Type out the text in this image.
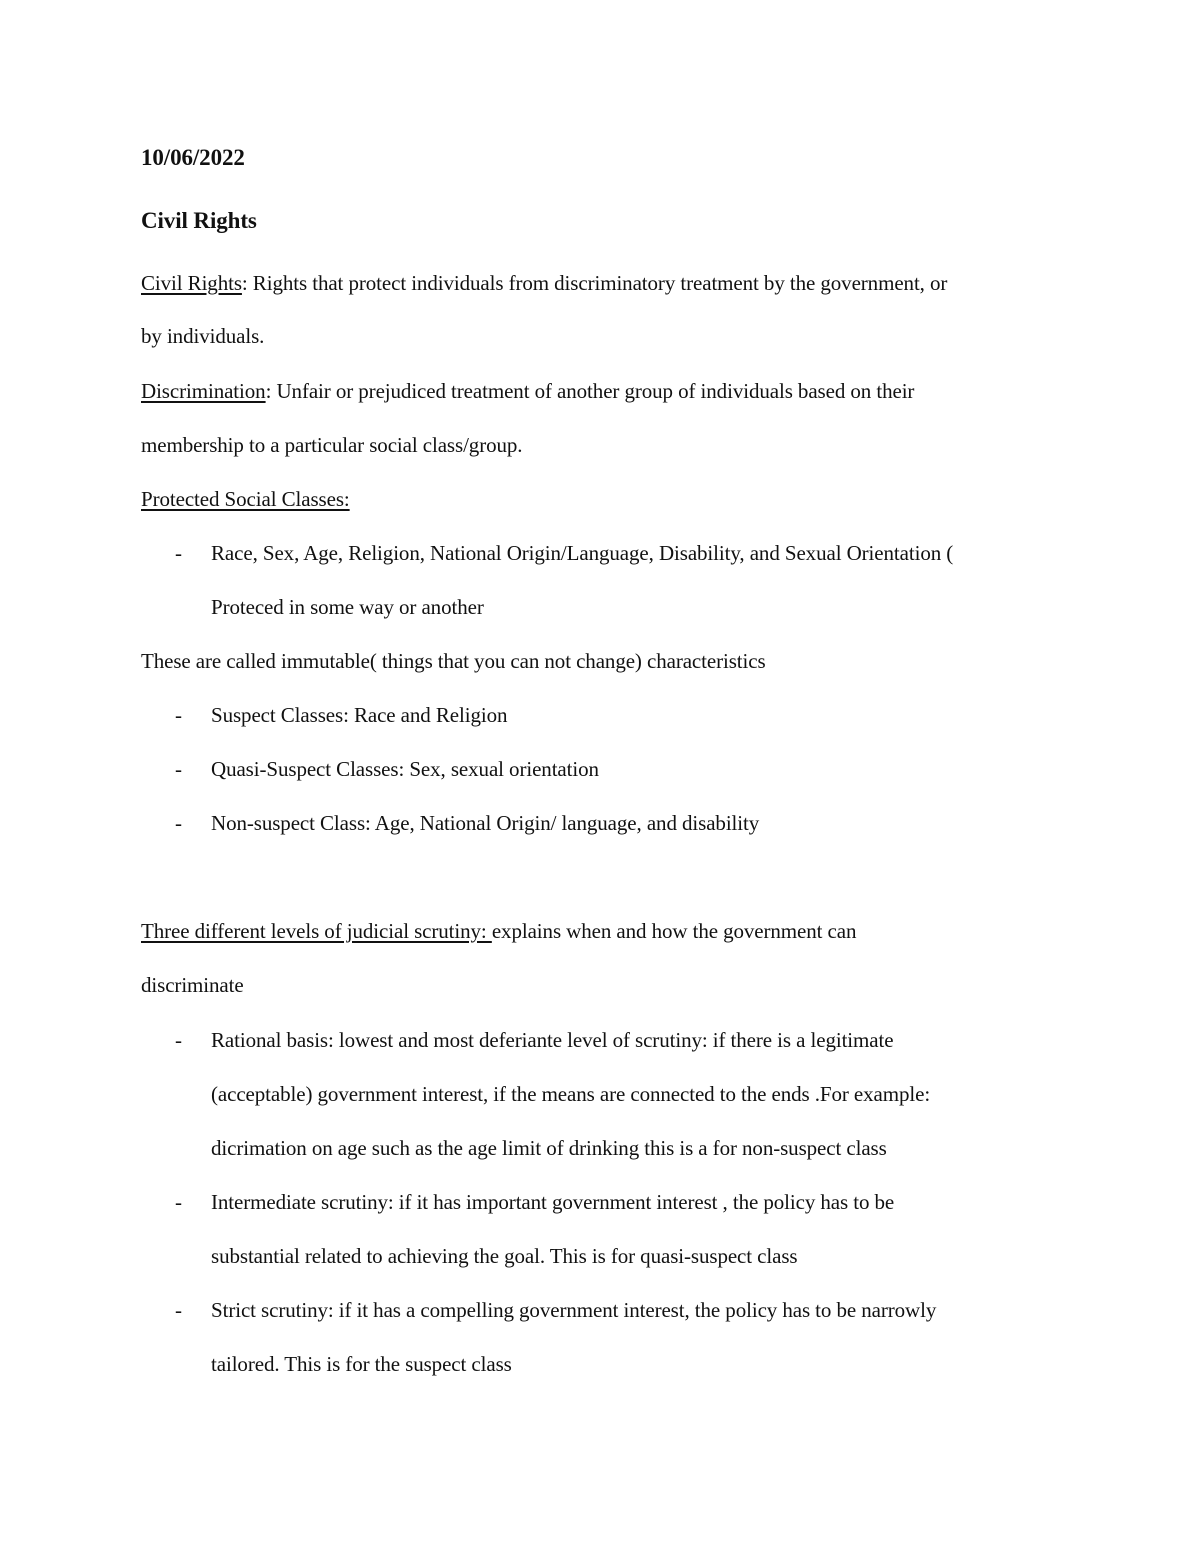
10/06/2022
Civil Rights
Civil Rights: Rights that protect individuals from discriminatory treatment by the government, or
by individuals.
Discrimination: Unfair or prejudiced treatment of another group of individuals based on their
membership to a particular social class/group.
Protected Social Classes:
- Race, Sex, Age, Religion, National Origin/Language, Disability, and Sexual Orientation (
Proteced in some way or another
These are called immutable( things that you can not change) characteristics
- Suspect Classes: Race and Religion
- Quasi-Suspect Classes: Sex, sexual orientation
- Non-suspect Class: Age, National Origin/ language, and disability
Three different levels of judicial scrutiny: explains when and how the government can
discriminate
- Rational basis: lowest and most deferiante level of scrutiny: if there is a legitimate
(acceptable) government interest, if the means are connected to the ends .For example:
dicrimation on age such as the age limit of drinking this is a for non-suspect class
- Intermediate scrutiny: if it has important government interest , the policy has to be
substantial related to achieving the goal. This is for quasi-suspect class
- Strict scrutiny: if it has a compelling government interest, the policy has to be narrowly
tailored. This is for the suspect class
